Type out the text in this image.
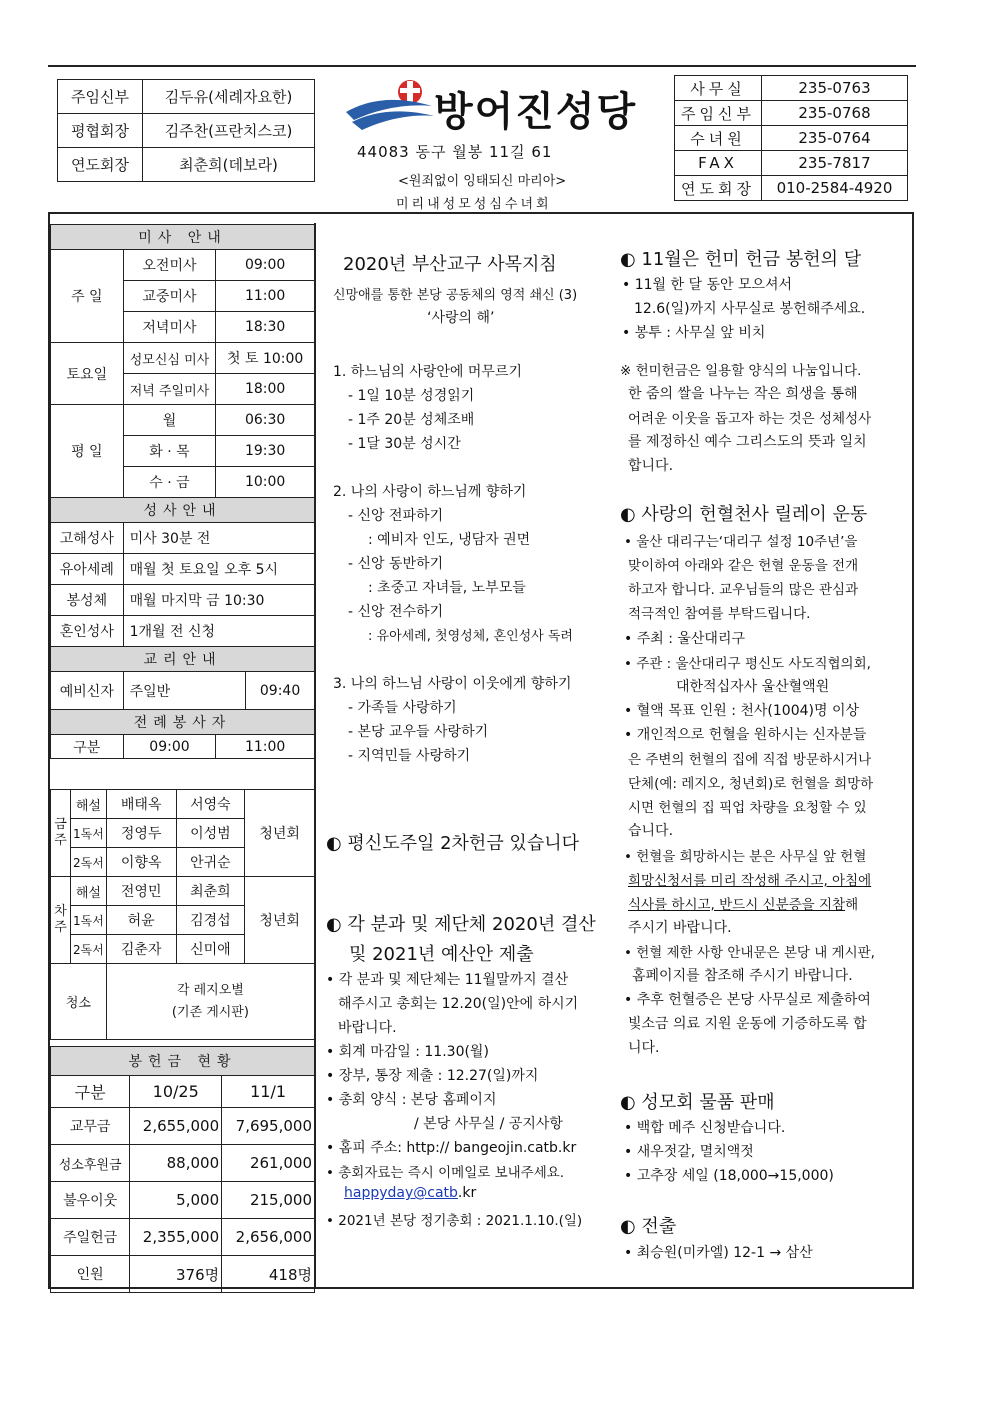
주임신부	김두유(세례자요한)
평협회장	김주찬(프란치스코)
연도회장	최춘희(데보라)
방어진성당
44083 동구 월봉 11길 61
<원죄없이 잉태되신 마리아>
미리내성모성심수녀회
사무실	235-0763
주임신부	235-0768
수녀원	235-0764
FAX	235-7817
연도회장	010-2584-4920
미사 안내			
주 일	오전미사	09:00	
	교중미사	11:00	
	저녁미사	18:30	
토요일	성모신심 미사	첫 토 10:00	
	저녁 주일미사	18:00	
평 일	월	06:30	
	화 · 목	19:30	
	수 · 금	10:00	
성사안내			
고해성사	미사 30분 전		
유아세례	매월 첫 토요일 오후 5시		
봉성체	매월 마지막 금 10:30		
혼인성사	1개월 전 신청		
교리안내			
예비신자	주일반		09:40
전례봉사자			
구분	09:00	11:00	
금주	해설	배태옥	서영숙	청년회
	1독서	정영두	이성범	
	2독서	이향옥	안귀순	
차주	해설	전영민	최춘희	청년회
	1독서	허윤	김경섭	
	2독서	김춘자	신미애	
청소		각 레지오별
(기존 게시판)		
봉헌금 현황		
구분	10/25	11/1
교무금	2,655,000	7,695,000
성소후원금	88,000	261,000
불우이웃	5,000	215,000
주일헌금	2,355,000	2,656,000
인원	376명	418명
2020년 부산교구 사목지침
신망애를 통한 본당 공동체의 영적 쇄신 (3)
‘사랑의 해’
1. 하느님의 사랑안에 머무르기
- 1일 10분 성경읽기
- 1주 20분 성체조배
- 1달 30분 성시간
2. 나의 사랑이 하느님께 향하기
- 신앙 전파하기
: 예비자 인도, 냉담자 권면
- 신앙 동반하기
: 초중고 자녀들, 노부모들
- 신앙 전수하기
: 유아세례, 첫영성체, 혼인성사 독려
3. 나의 하느님 사랑이 이웃에게 향하기
- 가족들 사랑하기
- 본당 교우들 사랑하기
- 지역민들 사랑하기
◐ 평신도주일 2차헌금 있습니다
◐ 각 분과 및 제단체 2020년 결산
및 2021년 예산안 제출
• 각 분과 및 제단체는 11월말까지 결산
해주시고 총회는 12.20(일)안에 하시기
바랍니다.
• 회계 마감일 : 11.30(월)
• 장부, 통장 제출 : 12.27(일)까지
• 총회 양식 : 본당 홈페이지
/ 본당 사무실 / 공지사항
• 홈피 주소: http:// bangeojin.catb.kr
• 총회자료는 즉시 이메일로 보내주세요.
happyday@catb.kr
• 2021년 본당 정기총회 : 2021.1.10.(일)
◐ 11월은 헌미 헌금 봉헌의 달
• 11월 한 달 동안 모으셔서
12.6(일)까지 사무실로 봉헌해주세요.
• 봉투 : 사무실 앞 비치
※ 헌미헌금은 일용할 양식의 나눔입니다.
한 줌의 쌀을 나누는 작은 희생을 통해
어려운 이웃을 돕고자 하는 것은 성체성사
를 제정하신 예수 그리스도의 뜻과 일치
합니다.
◐ 사랑의 헌혈천사 릴레이 운동
• 울산 대리구는‘대리구 설정 10주년’을
맞이하여 아래와 같은 헌혈 운동을 전개
하고자 합니다. 교우님들의 많은 관심과
적극적인 참여를 부탁드립니다.
• 주최 : 울산대리구
• 주관 : 울산대리구 평신도 사도직협의회,
대한적십자사 울산혈액원
• 혈액 목표 인원 : 천사(1004)명 이상
• 개인적으로 헌혈을 원하시는 신자분들
은 주변의 헌혈의 집에 직접 방문하시거나
단체(예: 레지오, 청년회)로 헌혈을 희망하
시면 헌혈의 집 픽업 차량을 요청할 수 있
습니다.
• 헌혈을 희망하시는 분은 사무실 앞 헌혈
희망신청서를 미리 작성해 주시고, 아침에
식사를 하시고, 반드시 신분증을 지참해
주시기 바랍니다.
• 헌혈 제한 사항 안내문은 본당 내 게시판,
홈페이지를 참조해 주시기 바랍니다.
• 추후 헌혈증은 본당 사무실로 제출하여
빛소금 의료 지원 운동에 기증하도록 합
니다.
◐ 성모회 물품 판매
• 백합 메주 신청받습니다.
• 새우젓갈, 멸치액젓
• 고추장 세일 (18,000→15,000)
◐ 전출
• 최승원(미카엘) 12-1 → 삼산
